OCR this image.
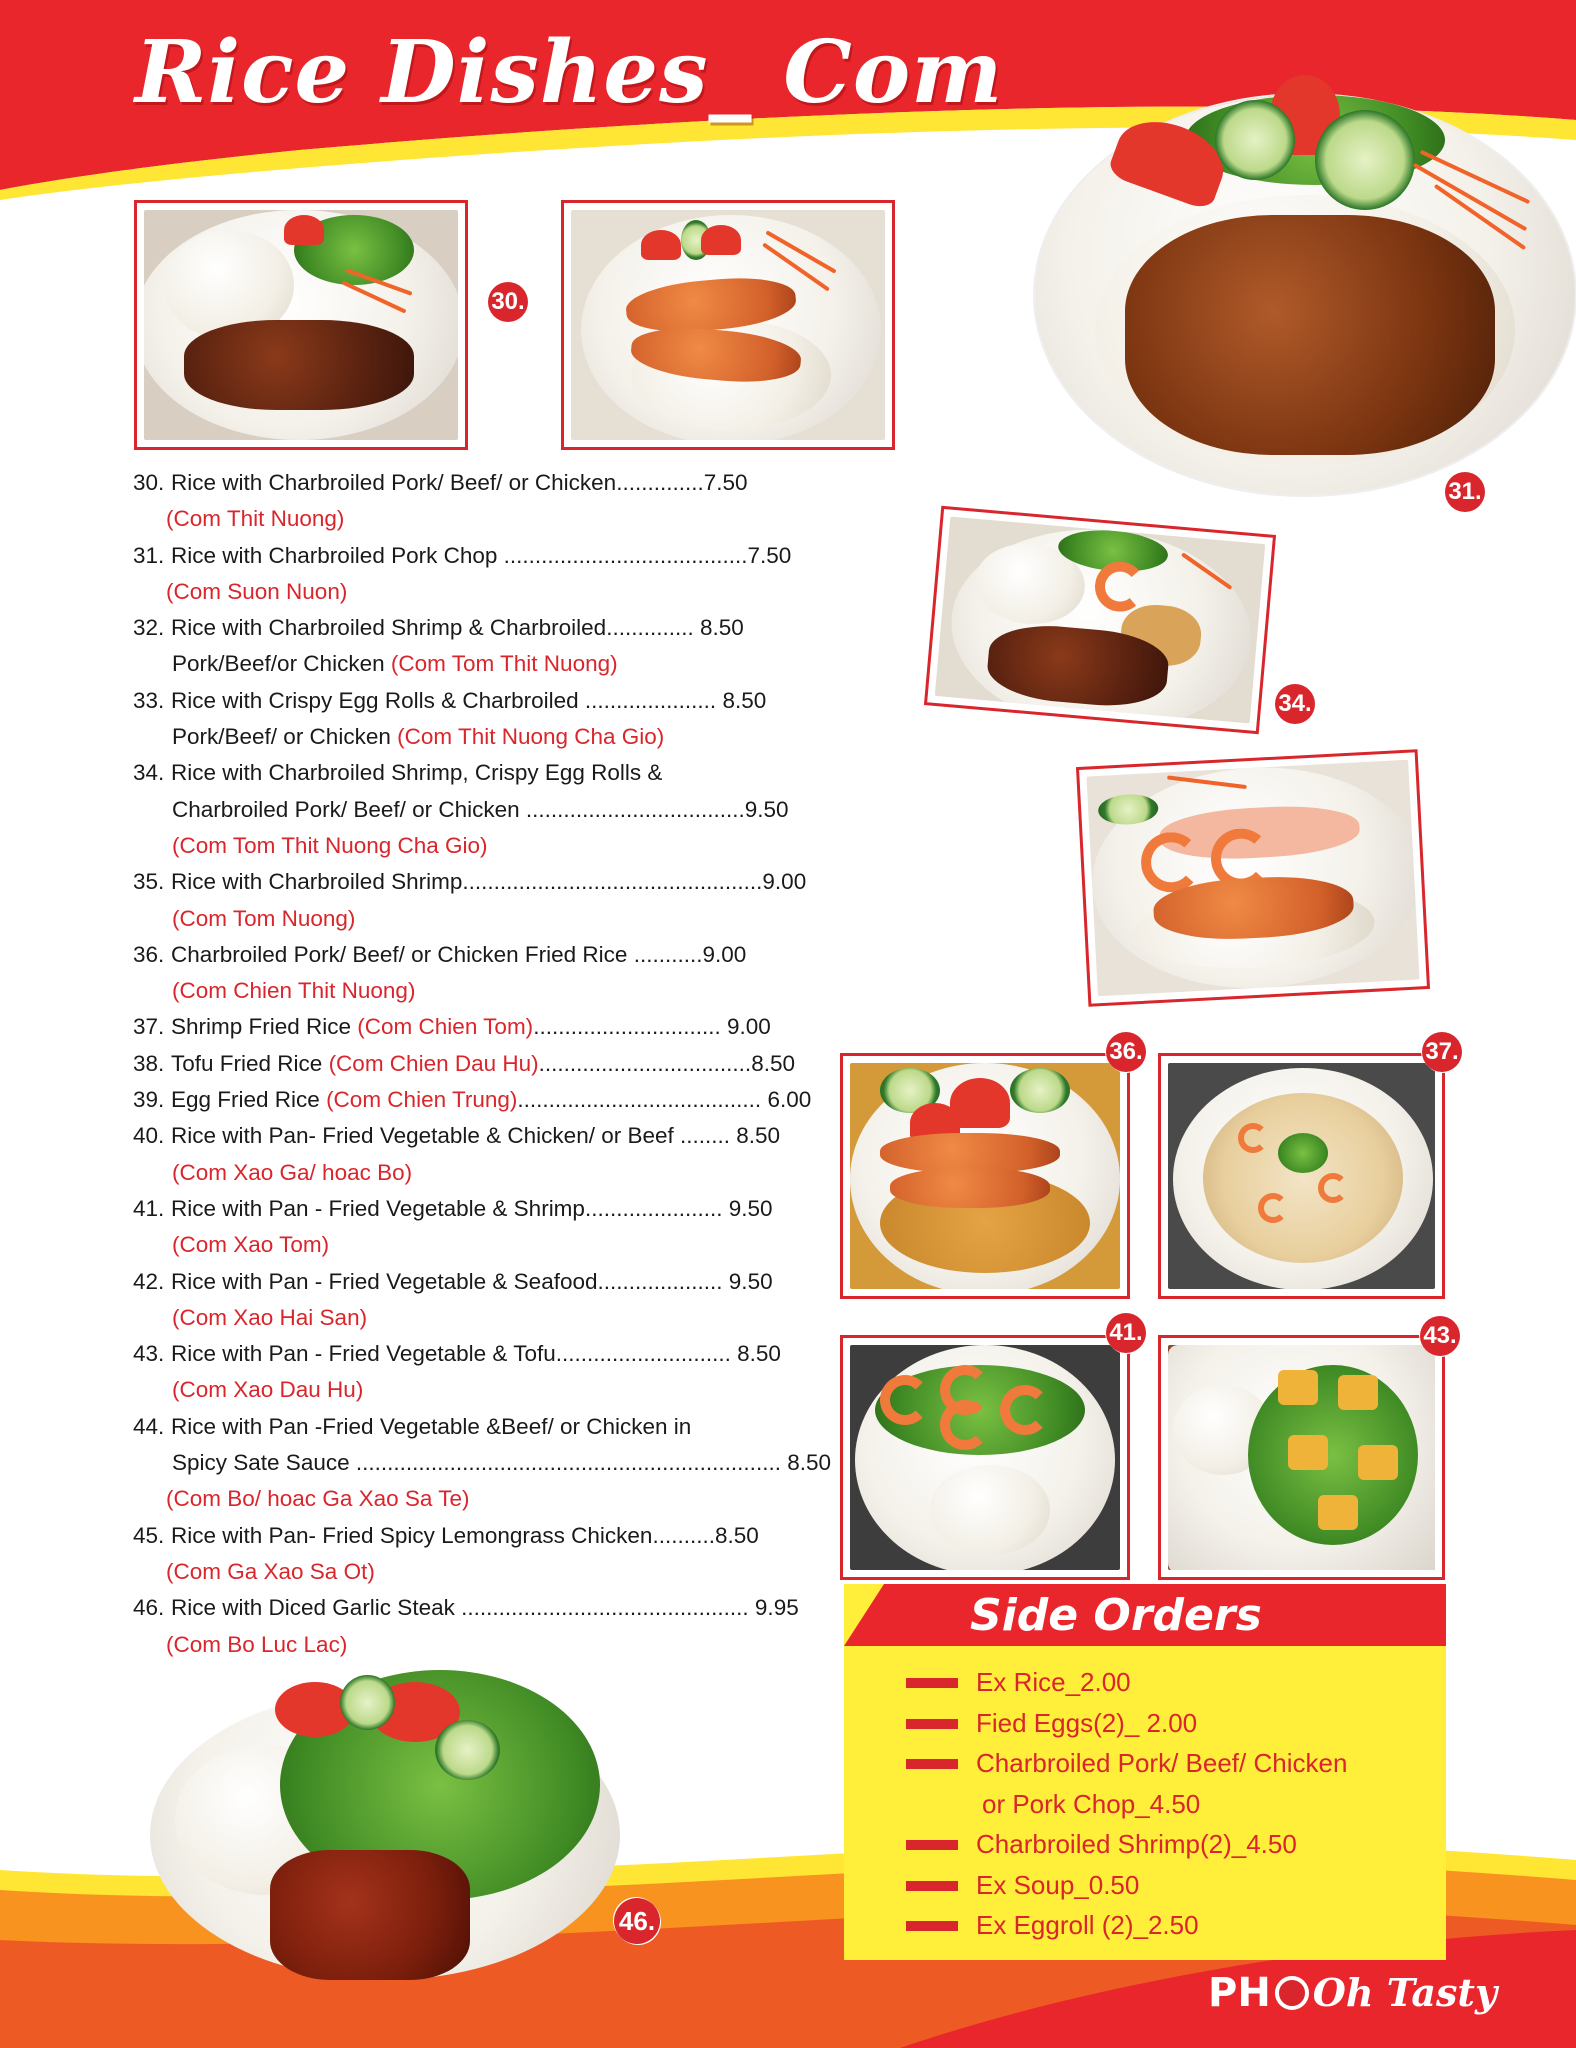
Rice Dishes_ Com
30.
31.
34.
36.	37.
41.	43.
30. Rice with Charbroiled Pork/ Beef/ or Chicken..............7.50
(Com Thit Nuong)
31. Rice with Charbroiled Pork Chop .......................................7.50
(Com Suon Nuon)
32. Rice with Charbroiled Shrimp & Charbroiled.............. 8.50
Pork/Beef/or Chicken (Com Tom Thit Nuong)
33. Rice with Crispy Egg Rolls & Charbroiled ..................... 8.50
Pork/Beef/ or Chicken (Com Thit Nuong Cha Gio)
34. Rice with Charbroiled Shrimp, Crispy Egg Rolls &
Charbroiled Pork/ Beef/ or Chicken ...................................9.50
(Com Tom Thit Nuong Cha Gio)
35. Rice with Charbroiled Shrimp................................................9.00
(Com Tom Nuong)
36. Charbroiled Pork/ Beef/ or Chicken Fried Rice ...........9.00
(Com Chien Thit Nuong)
37. Shrimp Fried Rice (Com Chien Tom).............................. 9.00
38. Tofu Fried Rice (Com Chien Dau Hu)..................................8.50
39. Egg Fried Rice (Com Chien Trung)....................................... 6.00
40. Rice with Pan- Fried Vegetable & Chicken/ or Beef ........ 8.50
(Com Xao Ga/ hoac Bo)
41. Rice with Pan - Fried Vegetable & Shrimp...................... 9.50
(Com Xao Tom)
42. Rice with Pan - Fried Vegetable & Seafood.................... 9.50
(Com Xao Hai San)
43. Rice with Pan - Fried Vegetable & Tofu............................ 8.50
(Com Xao Dau Hu)
44. Rice with Pan -Fried Vegetable &Beef/ or Chicken in
Spicy Sate Sauce .................................................................... 8.50
(Com Bo/ hoac Ga Xao Sa Te)
45. Rice with Pan- Fried Spicy Lemongrass Chicken..........8.50
(Com Ga Xao Sa Ot)
46. Rice with Diced Garlic Steak .............................................. 9.95
(Com Bo Luc Lac)
46.
Side Orders
Ex Rice_2.00
Fied Eggs(2)_ 2.00
Charbroiled Pork/ Beef/ Chicken
or Pork Chop_4.50
Charbroiled Shrimp(2)_4.50
Ex Soup_0.50
Ex Eggroll (2)_2.50
PH Oh Tasty
